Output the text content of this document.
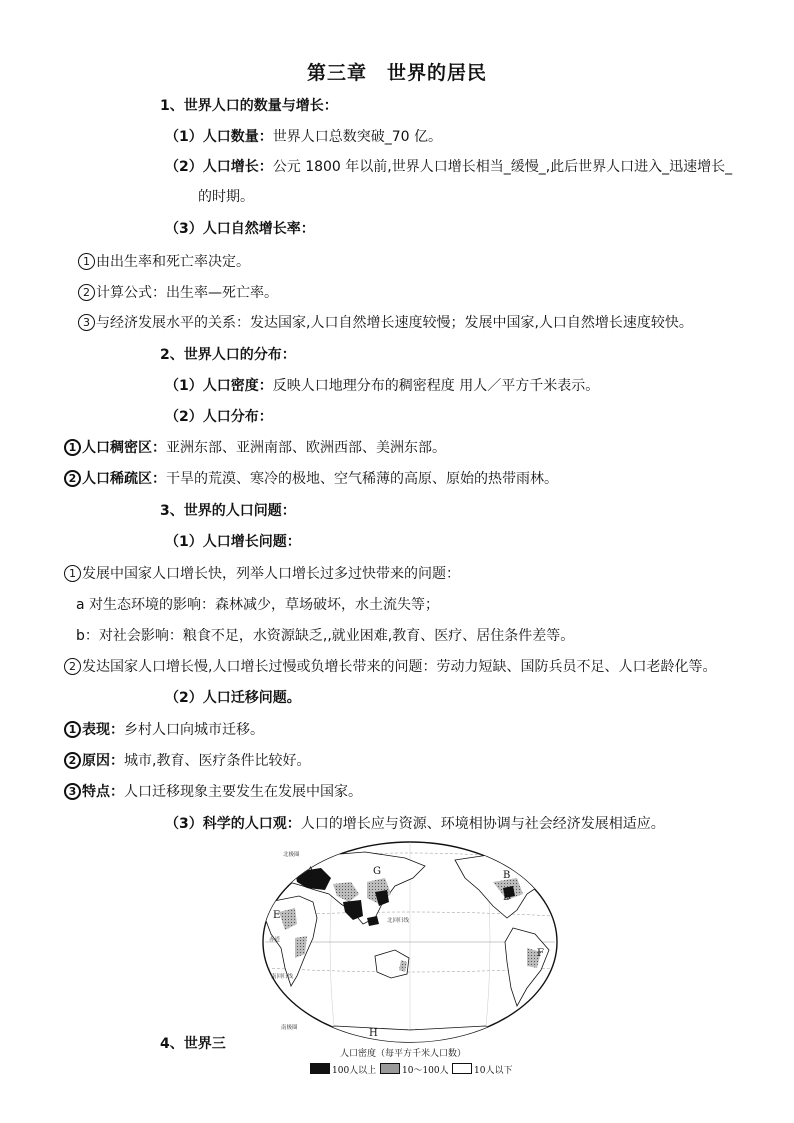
第三章　世界的居民
1、世界人口的数量与增长：
（1）人口数量：世界人口总数突破_70 亿。
（2）人口增长：公元 1800 年以前,世界人口增长相当_缓慢_,此后世界人口进入_迅速增长_
的时期。
（3）人口自然增长率：
1 由出生率和死亡率决定。
2 计算公式：出生率—死亡率。
3 与经济发展水平的关系：发达国家,人口自然增长速度较慢；发展中国家,人口自然增长速度较快。
2、世界人口的分布：
（1）人口密度：反映人口地理分布的稠密程度 用人／平方千米表示。
（2）人口分布：
1 人口稠密区：亚洲东部、亚洲南部、欧洲西部、美洲东部。
2 人口稀疏区：干旱的荒漠、寒冷的极地、空气稀薄的高原、原始的热带雨林。
3、世界的人口问题：
（1）人口增长问题：
1 发展中国家人口增长快，列举人口增长过多过快带来的问题：
a 对生态环境的影响：森林减少，草场破坏，水土流失等；
b：对社会影响：粮食不足，水资源缺乏,,就业困难,教育、医疗、居住条件差等。
2 发达国家人口增长慢,人口增长过慢或负增长带来的问题：劳动力短缺、国防兵员不足、人口老龄化等。
（2）人口迁移问题。
1 表现：乡村人口向城市迁移。
2 原因：城市,教育、医疗条件比较好。
3 特点：人口迁移现象主要发生在发展中国家。
（3）科学的人口观：人口的增长应与资源、环境相协调与社会经济发展相适应。
4、世界三
A	B
C
D
E
F
G
H
北回归线
赤道
南回归线
南极圈
北极圈
人口密度（每平方千米人口数）
100人以上	10～100人	10人以下
